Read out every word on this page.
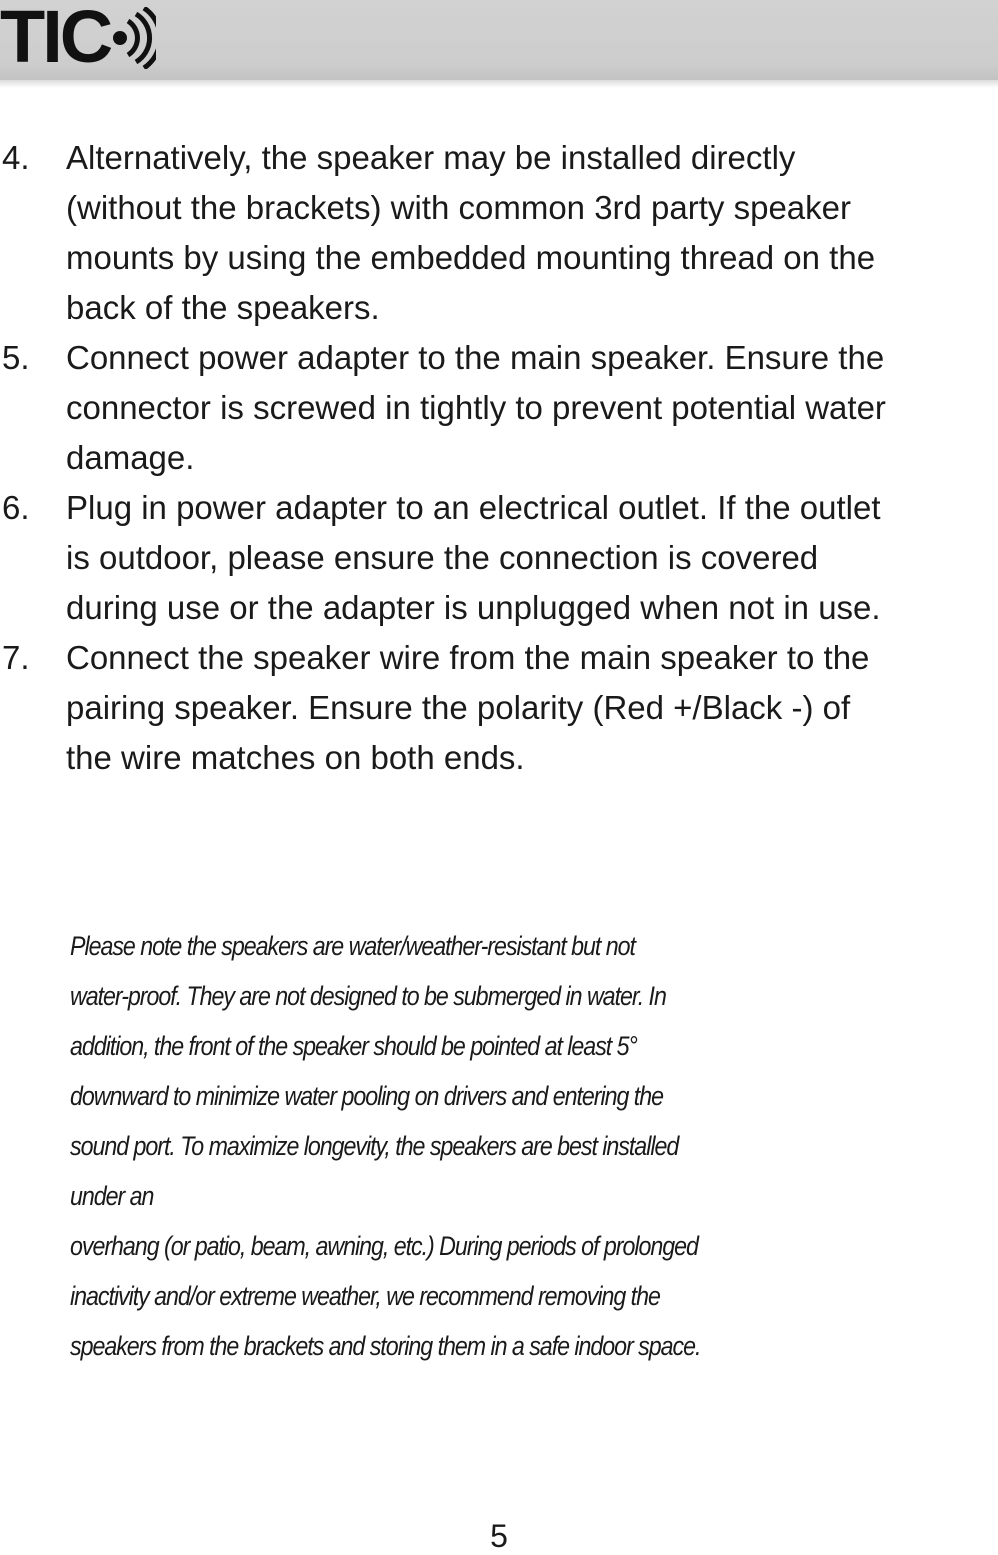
TIC
4. Alternatively, the speaker may be installed directly
(without the brackets) with common 3rd party speaker
mounts by using the embedded mounting thread on the
back of the speakers.
5. Connect power adapter to the main speaker. Ensure the
connector is screwed in tightly to prevent potential water
damage.
6. Plug in power adapter to an electrical outlet. If the outlet
is outdoor, please ensure the connection is covered
during use or the adapter is unplugged when not in use.
7. Connect the speaker wire from the main speaker to the
pairing speaker. Ensure the polarity (Red +/Black -) of
the wire matches on both ends.
Please note the speakers are water/weather-resistant but not
water-proof. They are not designed to be submerged in water. In
addition, the front of the speaker should be pointed at least 5°
downward to minimize water pooling on drivers and entering the
sound port. To maximize longevity, the speakers are best installed
under an
overhang (or patio, beam, awning, etc.) During periods of prolonged
inactivity and/or extreme weather, we recommend removing the
speakers from the brackets and storing them in a safe indoor space.
5
